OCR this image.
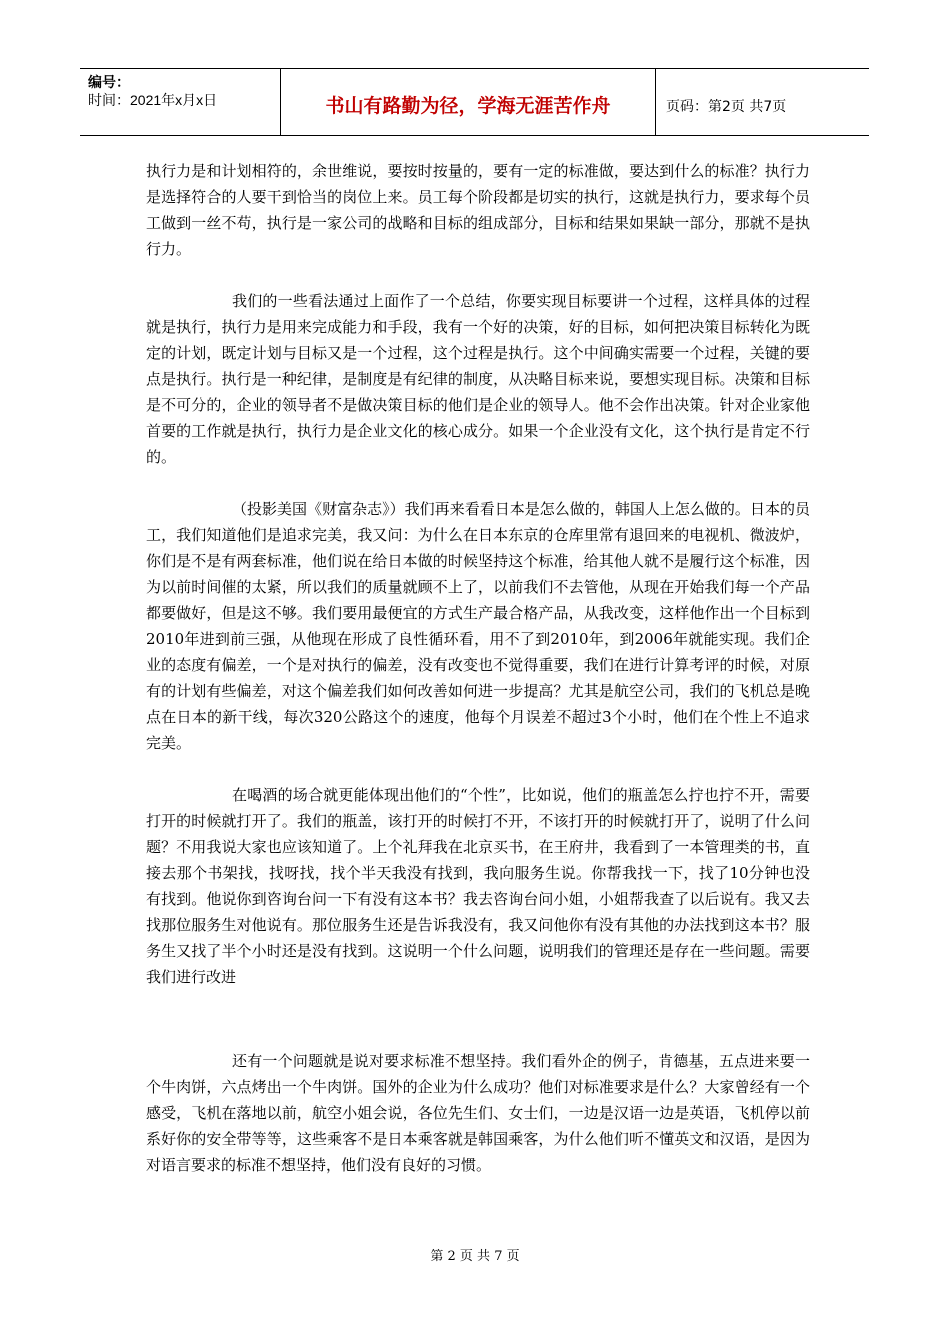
编号：
时间：2021年x月x日	书山有路勤为径，学海无涯苦作舟	页码：第2页 共7页

执行力是和计划相符的，余世维说，要按时按量的，要有一定的标准做，要达到什么的标准？执行力是选择符合的人要干到恰当的岗位上来。员工每个阶段都是切实的执行，这就是执行力，要求每个员工做到一丝不苟，执行是一家公司的战略和目标的组成部分，目标和结果如果缺一部分，那就不是执行力。

我们的一些看法通过上面作了一个总结，你要实现目标要讲一个过程，这样具体的过程就是执行，执行力是用来完成能力和手段，我有一个好的决策，好的目标，如何把决策目标转化为既定的计划，既定计划与目标又是一个过程，这个过程是执行。这个中间确实需要一个过程，关键的要点是执行。执行是一种纪律，是制度是有纪律的制度，从决略目标来说，要想实现目标。决策和目标是不可分的，企业的领导者不是做决策目标的他们是企业的领导人。他不会作出决策。针对企业家他首要的工作就是执行，执行力是企业文化的核心成分。如果一个企业没有文化，这个执行是肯定不行的。

（投影美国《财富杂志》）我们再来看看日本是怎么做的，韩国人上怎么做的。日本的员工，我们知道他们是追求完美，我又问：为什么在日本东京的仓库里常有退回来的电视机、微波炉，你们是不是有两套标准，他们说在给日本做的时候坚持这个标准，给其他人就不是履行这个标准，因为以前时间催的太紧，所以我们的质量就顾不上了，以前我们不去管他，从现在开始我们每一个产品都要做好，但是这不够。我们要用最便宜的方式生产最合格产品，从我改变，这样他作出一个目标到2010年进到前三强，从他现在形成了良性循环看，用不了到2010年，到2006年就能实现。我们企业的态度有偏差，一个是对执行的偏差，没有改变也不觉得重要，我们在进行计算考评的时候，对原有的计划有些偏差，对这个偏差我们如何改善如何进一步提高？尤其是航空公司，我们的飞机总是晚点在日本的新干线，每次320公路这个的速度，他每个月误差不超过3个小时，他们在个性上不追求完美。

在喝酒的场合就更能体现出他们的“个性”，比如说，他们的瓶盖怎么拧也拧不开，需要打开的时候就打开了。我们的瓶盖，该打开的时候打不开，不该打开的时候就打开了，说明了什么问题？不用我说大家也应该知道了。上个礼拜我在北京买书，在王府井，我看到了一本管理类的书，直接去那个书架找，找呀找，找个半天我没有找到，我向服务生说。你帮我找一下，找了10分钟也没有找到。他说你到咨询台问一下有没有这本书？我去咨询台问小姐，小姐帮我查了以后说有。我又去找那位服务生对他说有。那位服务生还是告诉我没有，我又问他你有没有其他的办法找到这本书？服务生又找了半个小时还是没有找到。这说明一个什么问题，说明我们的管理还是存在一些问题。需要我们进行改进

还有一个问题就是说对要求标准不想坚持。我们看外企的例子，肯德基，五点进来要一个牛肉饼，六点烤出一个牛肉饼。国外的企业为什么成功？他们对标准要求是什么？大家曾经有一个感受，飞机在落地以前，航空小姐会说，各位先生们、女士们，一边是汉语一边是英语，飞机停以前系好你的安全带等等，这些乘客不是日本乘客就是韩国乘客，为什么他们听不懂英文和汉语，是因为对语言要求的标准不想坚持，他们没有良好的习惯。

第 2 页 共 7 页
